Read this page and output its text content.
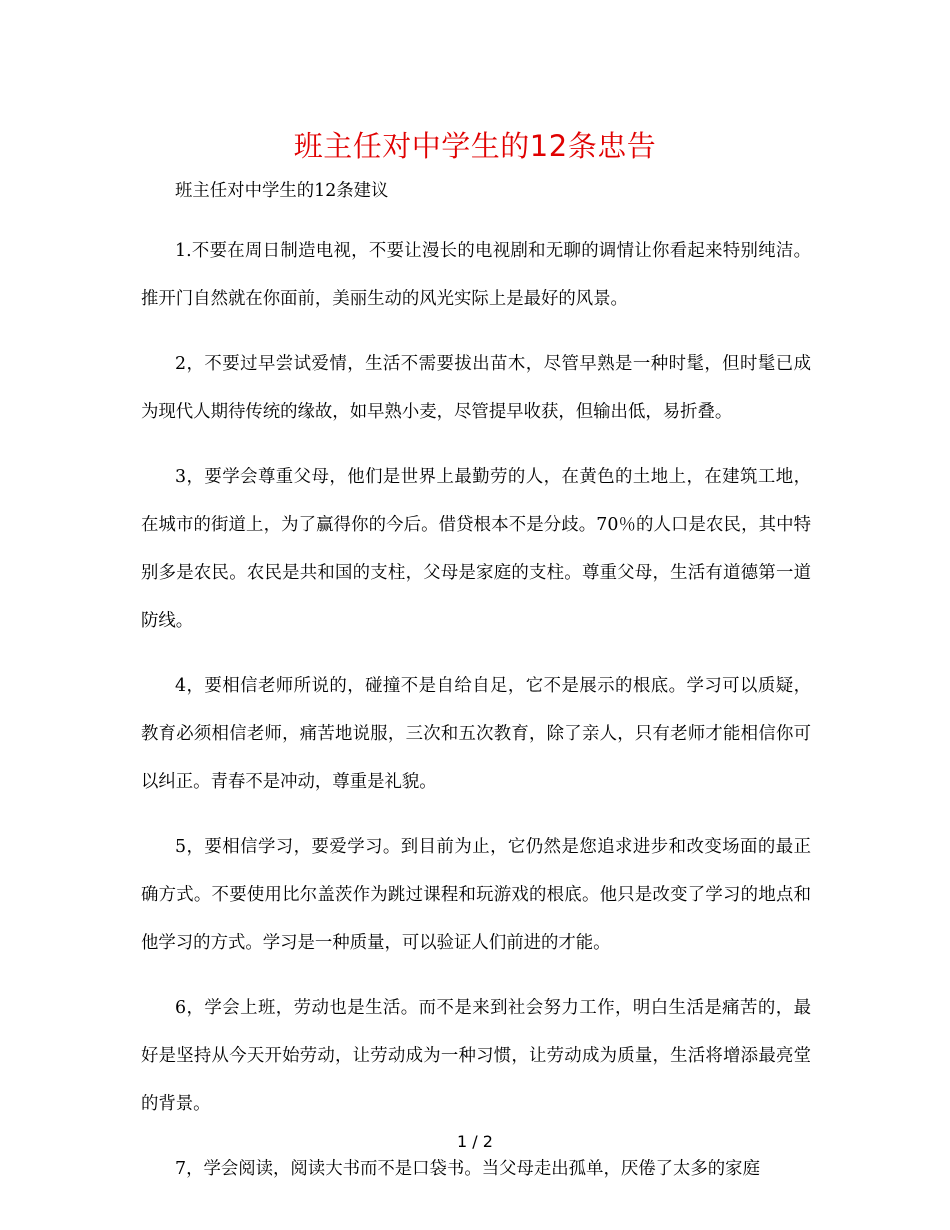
班主任对中学生的12条忠告

班主任对中学生的12条建议

1.不要在周日制造电视，不要让漫长的电视剧和无聊的调情让你看起来特别纯洁。推开门自然就在你面前，美丽生动的风光实际上是最好的风景。

2，不要过早尝试爱情，生活不需要拔出苗木，尽管早熟是一种时髦，但时髦已成为现代人期待传统的缘故，如早熟小麦，尽管提早收获，但输出低，易折叠。

3，要学会尊重父母，他们是世界上最勤劳的人，在黄色的土地上，在建筑工地，在城市的街道上，为了赢得你的今后。借贷根本不是分歧。70％的人口是农民，其中特别多是农民。农民是共和国的支柱，父母是家庭的支柱。尊重父母，生活有道德第一道防线。

4，要相信老师所说的，碰撞不是自给自足，它不是展示的根底。学习可以质疑，教育必须相信老师，痛苦地说服，三次和五次教育，除了亲人，只有老师才能相信你可以纠正。青春不是冲动，尊重是礼貌。

5，要相信学习，要爱学习。到目前为止，它仍然是您追求进步和改变场面的最正确方式。不要使用比尔盖茨作为跳过课程和玩游戏的根底。他只是改变了学习的地点和他学习的方式。学习是一种质量，可以验证人们前进的才能。

6，学会上班，劳动也是生活。而不是来到社会努力工作，明白生活是痛苦的，最好是坚持从今天开始劳动，让劳动成为一种习惯，让劳动成为质量，生活将增添最亮堂的背景。

7，学会阅读，阅读大书而不是口袋书。当父母走出孤单，厌倦了太多的家庭

1 / 2
